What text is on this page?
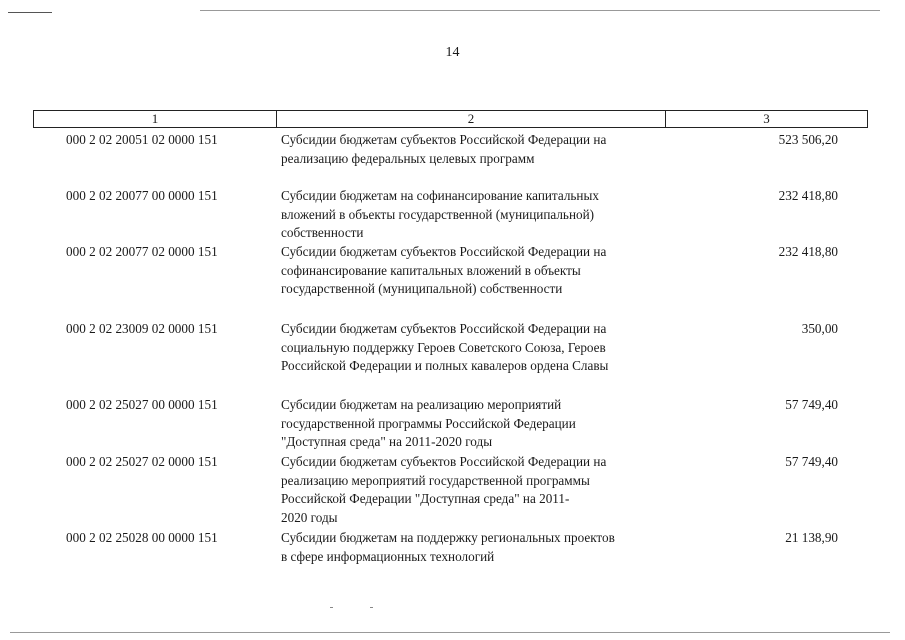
14
1	2	3
000 2 02 20051 02 0000 151	Субсидии бюджетам субъектов Российской Федерации на
реализацию федеральных целевых программ
523 506,20
000 2 02 20077 00 0000 151	Субсидии бюджетам на софинансирование капитальных
вложений в объекты государственной (муниципальной)
собственности
232 418,80
000 2 02 20077 02 0000 151	Субсидии бюджетам субъектов Российской Федерации на
софинансирование капитальных вложений в объекты
государственной (муниципальной) собственности
232 418,80
000 2 02 23009 02 0000 151	Субсидии бюджетам субъектов Российской Федерации на
социальную поддержку Героев Советского Союза, Героев
Российской Федерации и полных кавалеров ордена Славы
350,00
000 2 02 25027 00 0000 151	Субсидии бюджетам на реализацию мероприятий
государственной программы Российской Федерации
"Доступная среда" на 2011-2020 годы
57 749,40
000 2 02 25027 02 0000 151	Субсидии бюджетам субъектов Российской Федерации на
реализацию мероприятий государственной программы
Российской Федерации "Доступная среда" на 2011-
2020 годы
57 749,40
000 2 02 25028 00 0000 151	Субсидии бюджетам на поддержку региональных проектов
в сфере информационных технологий
21 138,90
